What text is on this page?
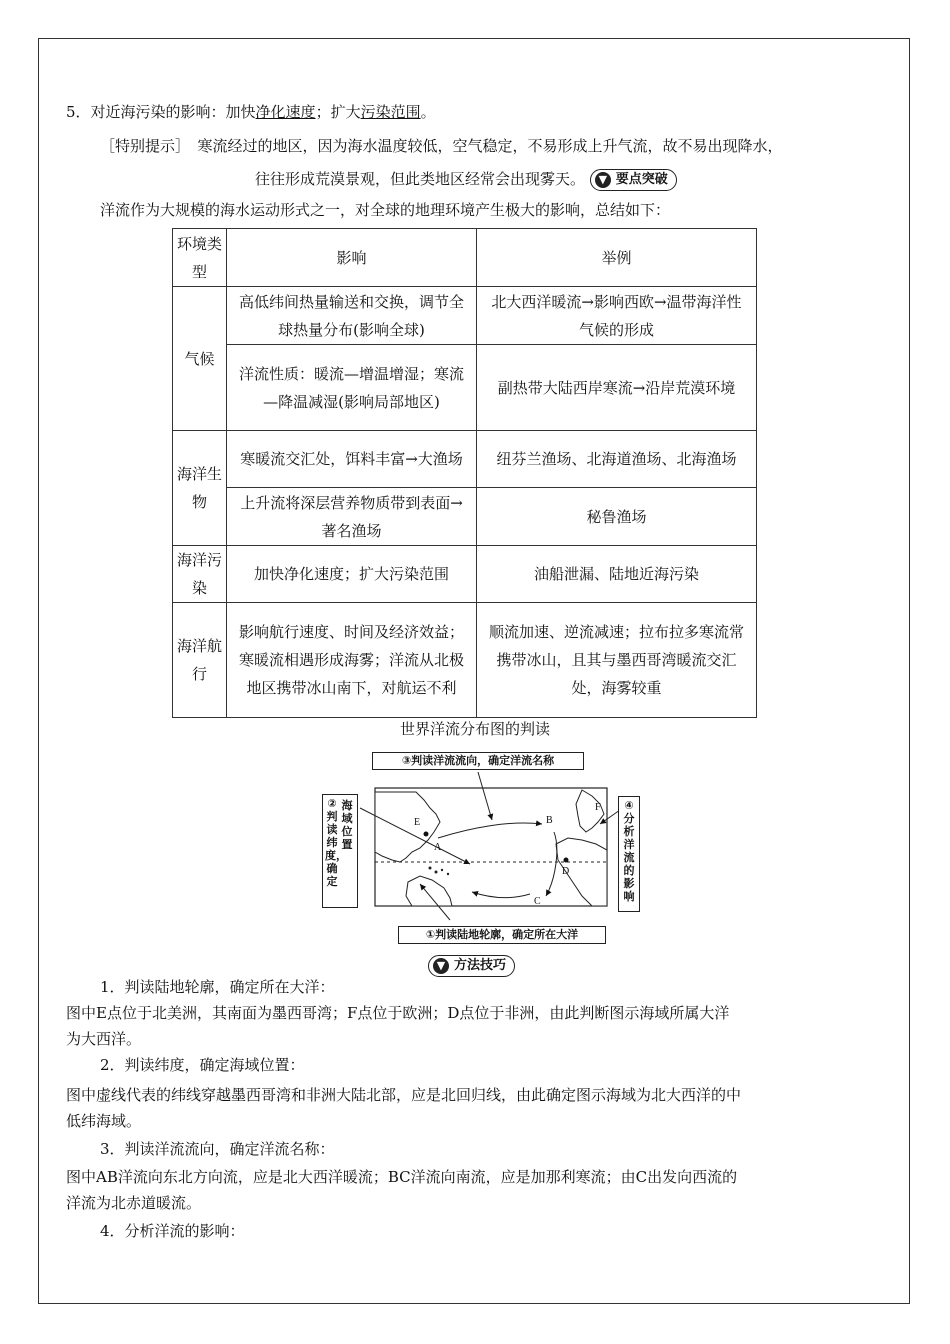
5．对近海污染的影响：加快净化速度；扩大污染范围。
［特别提示］　寒流经过的地区，因为海水温度较低，空气稳定，不易形成上升气流，故不易出现降水，
往往形成荒漠景观，但此类地区经常会出现雾天。 ▼ 要点突破
洋流作为大规模的海水运动形式之一，对全球的地理环境产生极大的影响，总结如下：
环境类型	影响	举例
气候	高低纬间热量输送和交换，调节全球热量分布(影响全球)	北大西洋暖流→影响西欧→温带海洋性气候的形成
	洋流性质：暖流—增温增湿；寒流—降温减湿(影响局部地区)	副热带大陆西岸寒流→沿岸荒漠环境
海洋生物	寒暖流交汇处，饵料丰富→大渔场	纽芬兰渔场、北海道渔场、北海渔场
	上升流将深层营养物质带到表面→著名渔场	秘鲁渔场
海洋污染	加快净化速度；扩大污染范围	油船泄漏、陆地近海污染
海洋航行	影响航行速度、时间及经济效益；寒暖流相遇形成海雾；洋流从北极地区携带冰山南下，对航运不利	顺流加速、逆流减速；拉布拉多寒流常携带冰山，且其与墨西哥湾暖流交汇处，海雾较重
世界洋流分布图的判读
③判读洋流流向，确定洋流名称
②判读纬度，确定
海域位置
④分析洋流的影响
①判读陆地轮廓，确定所在大洋
E
A
B
F
D
C
▼ 方法技巧
1．判读陆地轮廓，确定所在大洋：
图中E点位于北美洲，其南面为墨西哥湾；F点位于欧洲；D点位于非洲，由此判断图示海域所属大洋
为大西洋。
2．判读纬度，确定海域位置：
图中虚线代表的纬线穿越墨西哥湾和非洲大陆北部，应是北回归线，由此确定图示海域为北大西洋的中
低纬海域。
3．判读洋流流向，确定洋流名称：
图中AB洋流向东北方向流，应是北大西洋暖流；BC洋流向南流，应是加那利寒流；由C出发向西流的
洋流为北赤道暖流。
4．分析洋流的影响：
